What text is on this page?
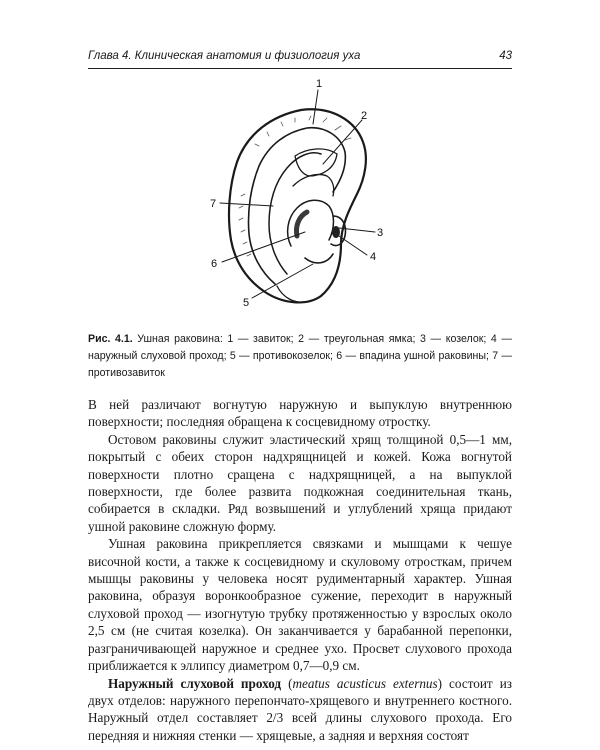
Глава 4. Клиническая анатомия и физиология уха	43
1
2
3
4
5
6
7
Рис. 4.1. Ушная раковина: 1 — завиток; 2 — треугольная ямка; 3 — козелок; 4 — наружный слуховой проход; 5 — противокозелок; 6 — впадина ушной раковины; 7 — противозавиток

В ней различают вогнутую наружную и выпуклую внутреннюю поверхности; последняя обращена к сосцевидному отростку.

Остовом раковины служит эластический хрящ толщиной 0,5—1 мм, покрытый с обеих сторон надхрящницей и кожей. Кожа вогнутой поверхности плотно сращена с надхрящницей, а на выпуклой поверхности, где более развита подкожная соединительная ткань, собирается в складки. Ряд возвышений и углублений хряща придают ушной раковине сложную форму.

Ушная раковина прикрепляется связками и мышцами к чешуе височной кости, а также к сосцевидному и скуловому отросткам, причем мышцы раковины у человека носят рудиментарный характер. Ушная раковина, образуя воронкообразное сужение, переходит в наружный слуховой проход — изогнутую трубку протяженностью у взрослых около 2,5 см (не считая козелка). Он заканчивается у барабанной перепонки, разграничивающей наружное и среднее ухо. Просвет слухового прохода приближается к эллипсу диаметром 0,7—0,9 см.

Наружный слуховой проход (meatus acusticus externus) состоит из двух отделов: наружного перепончато-хрящевого и внутреннего костного. Наружный отдел составляет 2/3 всей длины слухового прохода. Его передняя и нижняя стенки — хрящевые, а задняя и верхняя состоят
